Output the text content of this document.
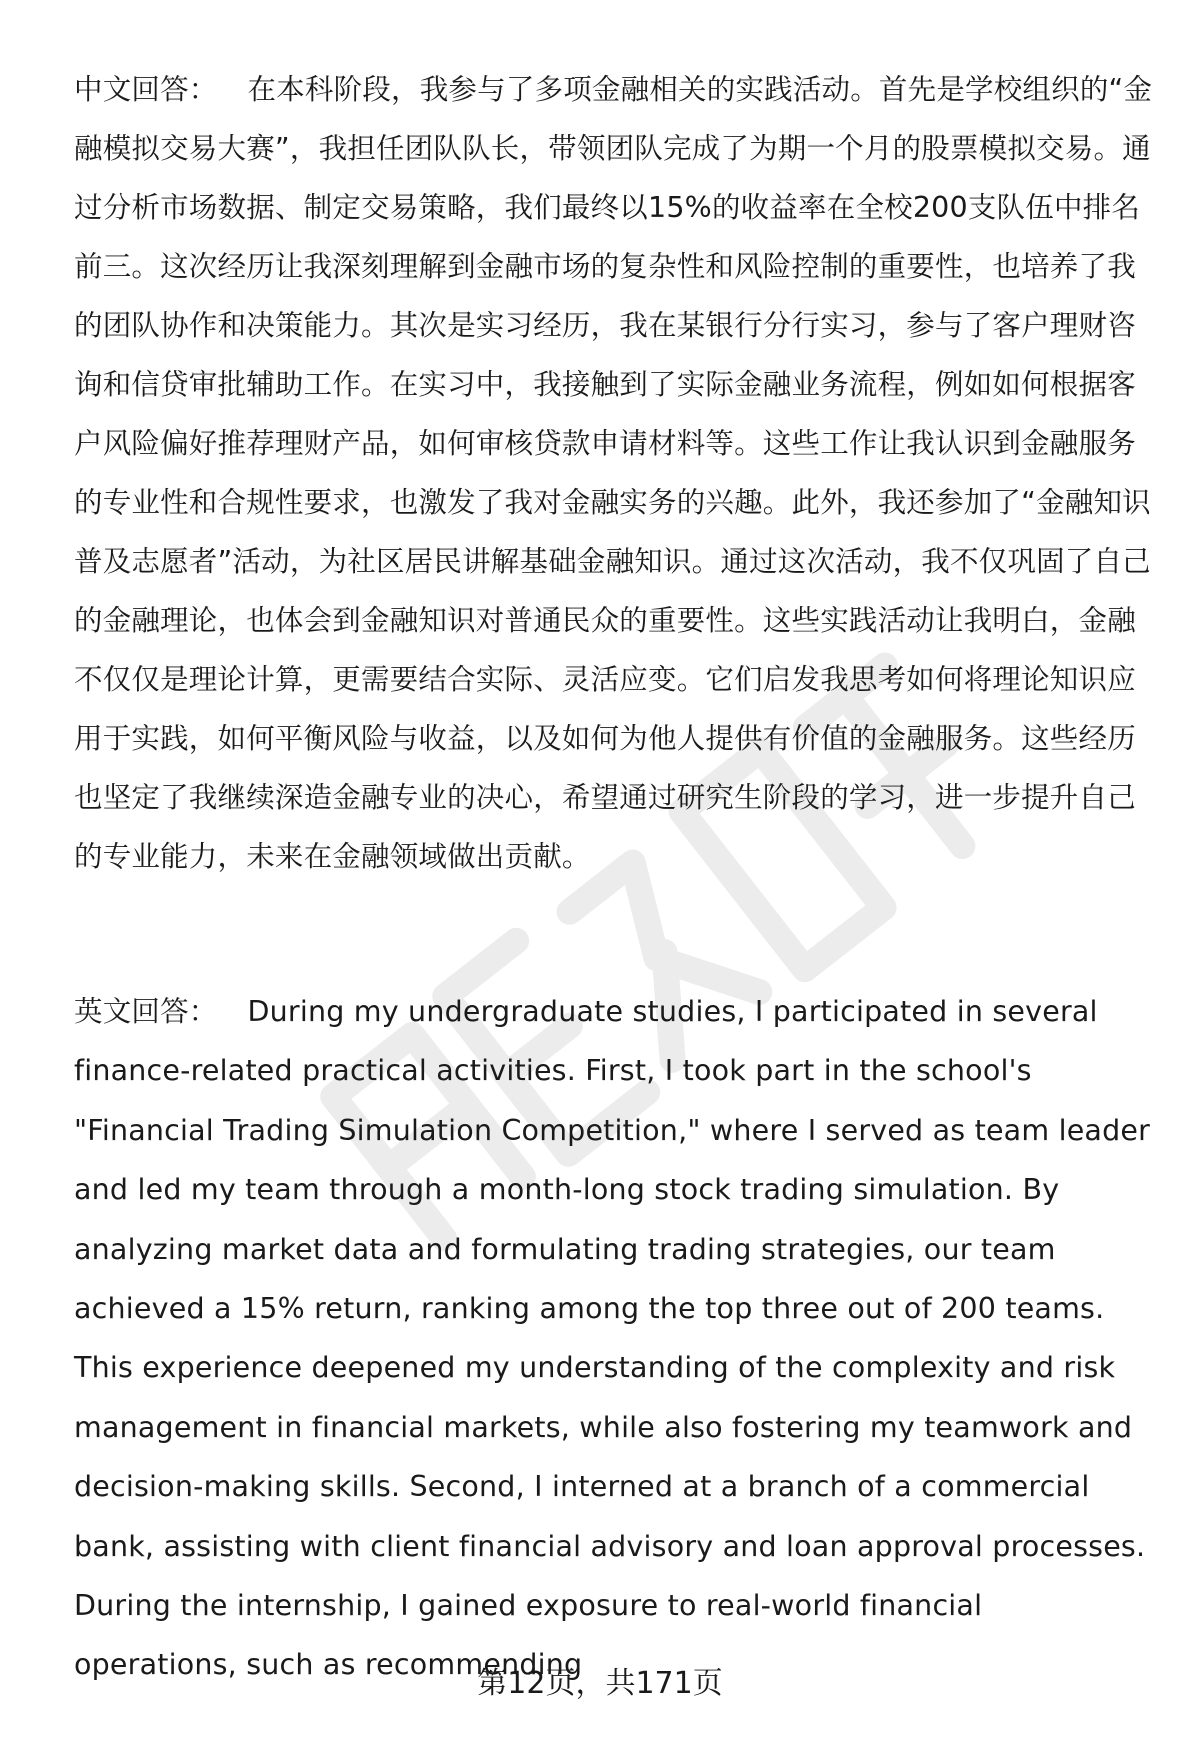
中文回答： 在本科阶段，我参与了多项金融相关的实践活动。首先是学校组织的“金融模拟交易大赛”，我担任团队队长，带领团队完成了为期一个月的股票模拟交易。通过分析市场数据、制定交易策略，我们最终以15%的收益率在全校200支队伍中排名前三。这次经历让我深刻理解到金融市场的复杂性和风险控制的重要性，也培养了我的团队协作和决策能力。其次是实习经历，我在某银行分行实习，参与了客户理财咨询和信贷审批辅助工作。在实习中，我接触到了实际金融业务流程，例如如何根据客户风险偏好推荐理财产品，如何审核贷款申请材料等。这些工作让我认识到金融服务的专业性和合规性要求，也激发了我对金融实务的兴趣。此外，我还参加了“金融知识普及志愿者”活动，为社区居民讲解基础金融知识。通过这次活动，我不仅巩固了自己的金融理论，也体会到金融知识对普通民众的重要性。这些实践活动让我明白，金融不仅仅是理论计算，更需要结合实际、灵活应变。它们启发我思考如何将理论知识应用于实践，如何平衡风险与收益，以及如何为他人提供有价值的金融服务。这些经历也坚定了我继续深造金融专业的决心，希望通过研究生阶段的学习，进一步提升自己的专业能力，未来在金融领域做出贡献。

英文回答： During my undergraduate studies, I participated in several finance-related practical activities. First, I took part in the school's "Financial Trading Simulation Competition," where I served as team leader and led my team through a month-long stock trading simulation. By analyzing market data and formulating trading strategies, our team achieved a 15% return, ranking among the top three out of 200 teams. This experience deepened my understanding of the complexity and risk management in financial markets, while also fostering my teamwork and decision-making skills. Second, I interned at a branch of a commercial bank, assisting with client financial advisory and loan approval processes. During the internship, I gained exposure to real-world financial operations, such as recommending

第12页，共171页
